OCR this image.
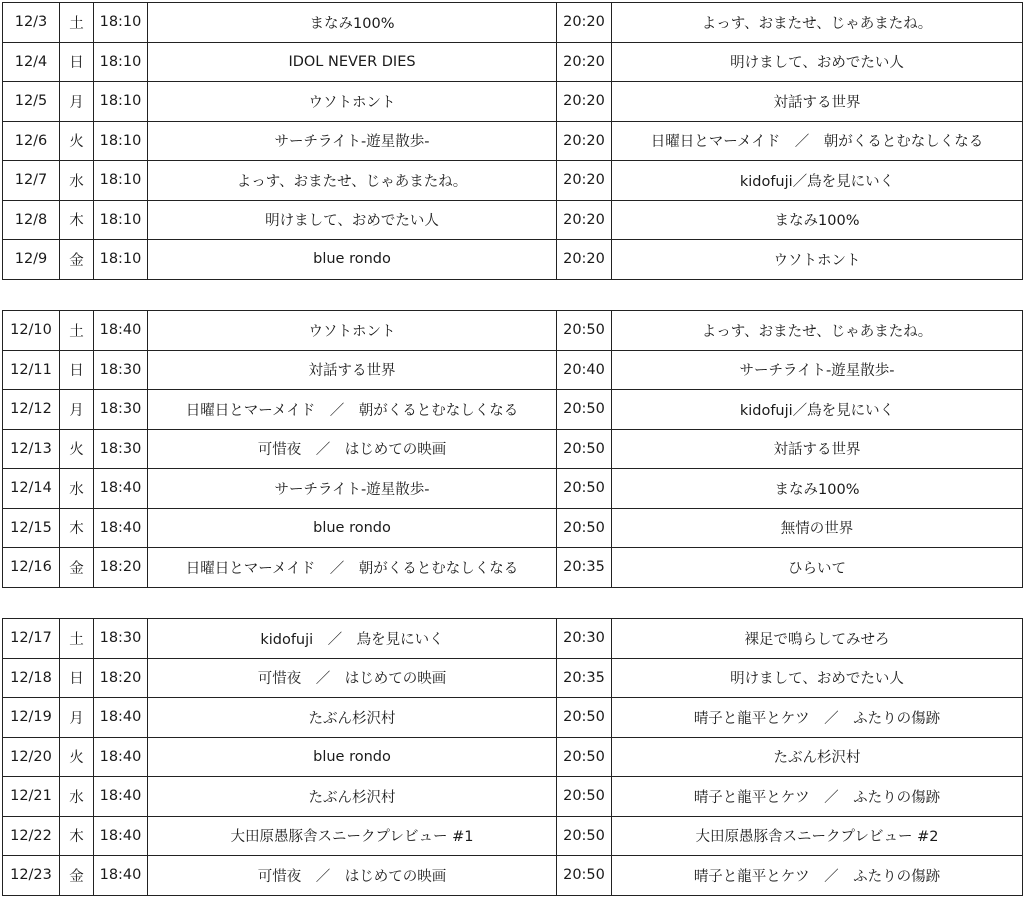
12/3	土	18:10	まなみ100%	20:20	よっす、おまたせ、じゃあまたね。
12/4	日	18:10	IDOL NEVER DIES	20:20	明けまして、おめでたい人
12/5	月	18:10	ウソトホント	20:20	対話する世界
12/6	火	18:10	サーチライト-遊星散歩-	20:20	日曜日とマーメイド　／　朝がくるとむなしくなる
12/7	水	18:10	よっす、おまたせ、じゃあまたね。	20:20	kidofuji／鳥を見にいく
12/8	木	18:10	明けまして、おめでたい人	20:20	まなみ100%
12/9	金	18:10	blue rondo	20:20	ウソトホント
12/10	土	18:40	ウソトホント	20:50	よっす、おまたせ、じゃあまたね。
12/11	日	18:30	対話する世界	20:40	サーチライト-遊星散歩-
12/12	月	18:30	日曜日とマーメイド　／　朝がくるとむなしくなる	20:50	kidofuji／鳥を見にいく
12/13	火	18:30	可惜夜　／　はじめての映画	20:50	対話する世界
12/14	水	18:40	サーチライト-遊星散歩-	20:50	まなみ100%
12/15	木	18:40	blue rondo	20:50	無情の世界
12/16	金	18:20	日曜日とマーメイド　／　朝がくるとむなしくなる	20:35	ひらいて
12/17	土	18:30	kidofuji　／　鳥を見にいく	20:30	裸足で鳴らしてみせろ
12/18	日	18:20	可惜夜　／　はじめての映画	20:35	明けまして、おめでたい人
12/19	月	18:40	たぶん杉沢村	20:50	晴子と龍平とケツ　／　ふたりの傷跡
12/20	火	18:40	blue rondo	20:50	たぶん杉沢村
12/21	水	18:40	たぶん杉沢村	20:50	晴子と龍平とケツ　／　ふたりの傷跡
12/22	木	18:40	大田原愚豚舎スニークプレビュー #1	20:50	大田原愚豚舎スニークプレビュー #2
12/23	金	18:40	可惜夜　／　はじめての映画	20:50	晴子と龍平とケツ　／　ふたりの傷跡
